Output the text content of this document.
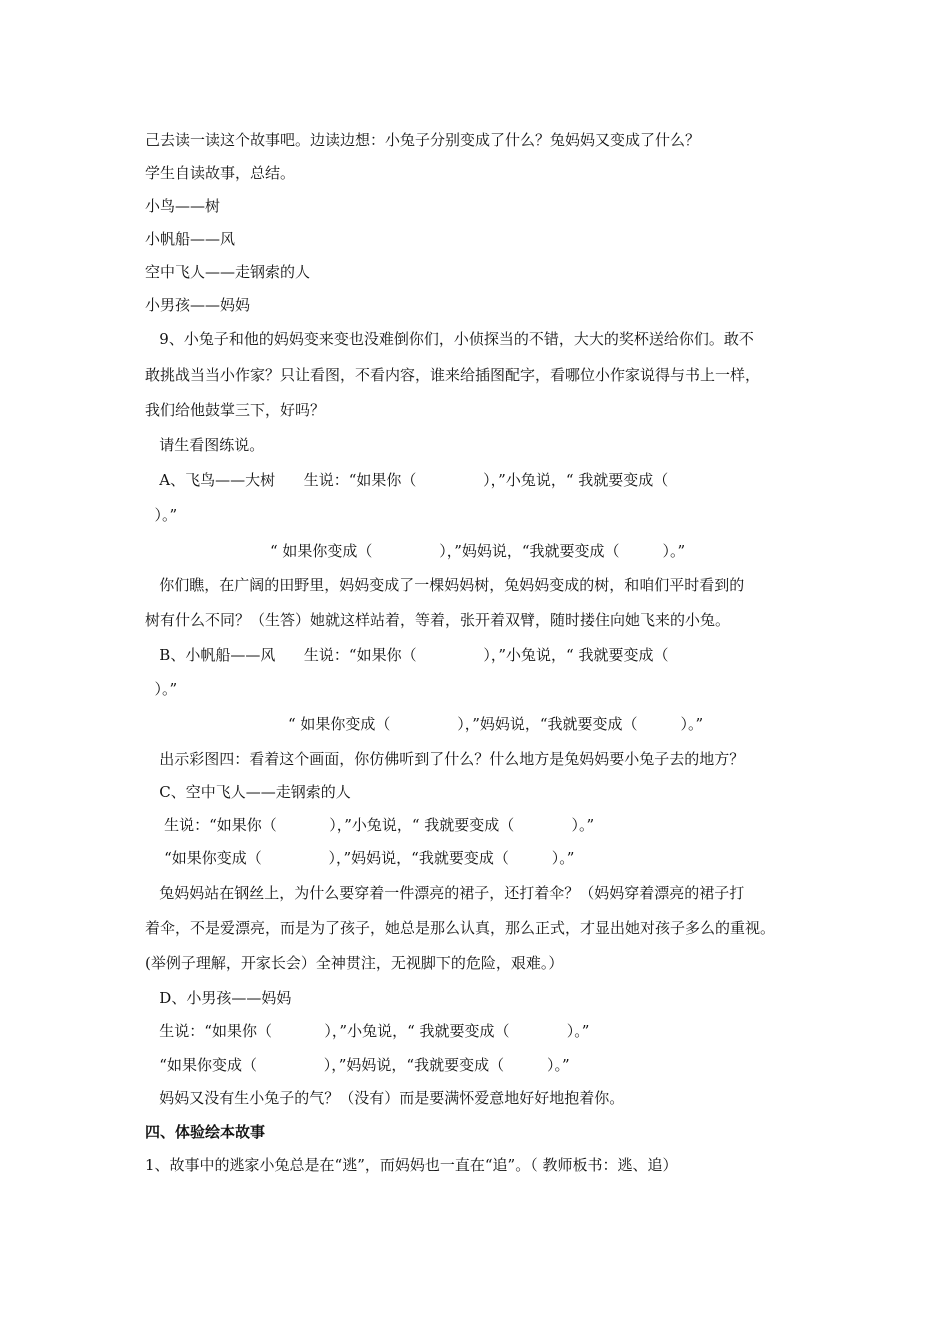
己去读一读这个故事吧。边读边想：小兔子分别变成了什么？兔妈妈又变成了什么？
学生自读故事，总结。
小鸟——树
小帆船——风
空中飞人——走钢索的人
小男孩——妈妈
9、小兔子和他的妈妈变来变也没难倒你们，小侦探当的不错，大大的奖杯送给你们。敢不
敢挑战当当小作家？只让看图，不看内容，谁来给插图配字，看哪位小作家说得与书上一样，
我们给他鼓掌三下，好吗？
请生看图练说。
A、飞鸟——大树      生说：“如果你（              ），”小兔说，“ 我就要变成（
）。”
“ 如果你变成（              ），”妈妈说，“我就要变成（         ）。”
你们瞧，在广阔的田野里，妈妈变成了一棵妈妈树，兔妈妈变成的树，和咱们平时看到的
树有什么不同？（生答）她就这样站着，等着，张开着双臂，随时搂住向她飞来的小兔。
B、小帆船——风      生说：“如果你（              ），”小兔说，“ 我就要变成（
）。”
“ 如果你变成（              ），”妈妈说，“我就要变成（         ）。”
出示彩图四：看着这个画面，你仿佛听到了什么？什么地方是兔妈妈要小兔子去的地方？
C、空中飞人——走钢索的人
生说：“如果你（           ），”小兔说，“ 我就要变成（            ）。”
“如果你变成（              ），”妈妈说，“我就要变成（         ）。”
兔妈妈站在钢丝上，为什么要穿着一件漂亮的裙子，还打着伞？（妈妈穿着漂亮的裙子打
着伞，不是爱漂亮，而是为了孩子，她总是那么认真，那么正式，才显出她对孩子多么的重视。
(举例子理解，开家长会）全神贯注，无视脚下的危险，艰难。）
D、小男孩——妈妈
生说：“如果你（           ），”小兔说，“ 我就要变成（            ）。”
“如果你变成（              ），”妈妈说，“我就要变成（         ）。”
妈妈又没有生小兔子的气？（没有）而是要满怀爱意地好好地抱着你。
四、体验绘本故事
1、故事中的逃家小兔总是在“逃”，而妈妈也一直在“追”。（ 教师板书：逃、追）
